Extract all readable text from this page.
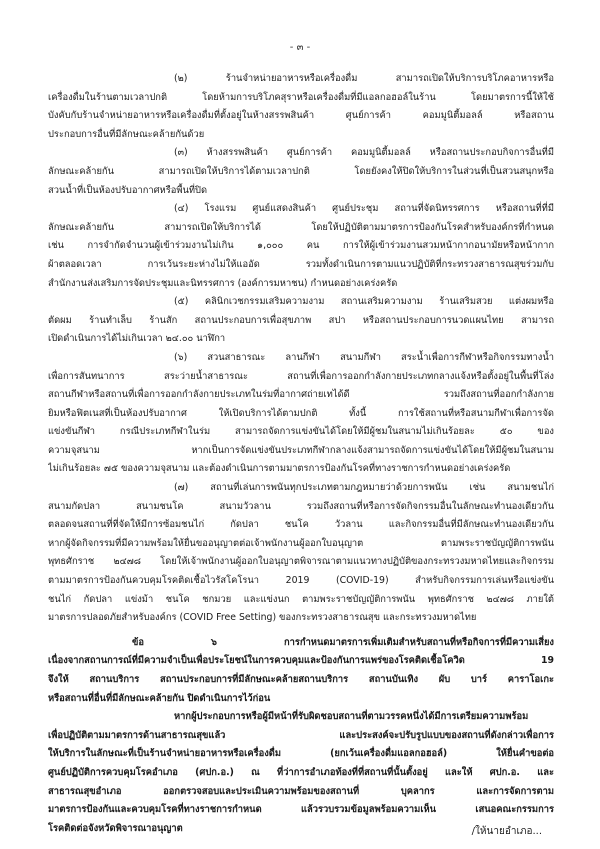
- ๓ -
(๒) ร้านจำหน่ายอาหารหรือเครื่องดื่ม สามารถเปิดให้บริการบริโภคอาหารหรือ
เครื่องดื่มในร้านตามเวลาปกติ โดยห้ามการบริโภคสุราหรือเครื่องดื่มที่มีแอลกอฮอล์ในร้าน โดยมาตรการนี้ให้ใช้
บังคับกับร้านจำหน่ายอาหารหรือเครื่องดื่มที่ตั้งอยู่ในห้างสรรพสินค้า ศูนย์การค้า คอมมูนิตี้มอลล์ หรือสถาน
ประกอบการอื่นที่มีลักษณะคล้ายกันด้วย
(๓) ห้างสรรพสินค้า ศูนย์การค้า คอมมูนิตี้มอลล์ หรือสถานประกอบกิจการอื่นที่มี
ลักษณะคล้ายกัน สามารถเปิดให้บริการได้ตามเวลาปกติ โดยยังคงให้ปิดให้บริการในส่วนที่เป็นสวนสนุกหรือ
สวนน้ำที่เป็นห้องปรับอากาศหรือพื้นที่ปิด
(๔) โรงแรม ศูนย์แสดงสินค้า ศูนย์ประชุม สถานที่จัดนิทรรศการ หรือสถานที่ที่มี
ลักษณะคล้ายกัน สามารถเปิดให้บริการได้ โดยให้ปฏิบัติตามมาตรการป้องกันโรคสำหรับองค์กรที่กำหนด
เช่น การจำกัดจำนวนผู้เข้าร่วมงานไม่เกิน ๑,๐๐๐ คน การให้ผู้เข้าร่วมงานสวมหน้ากากอนามัยหรือหน้ากาก
ผ้าตลอดเวลา การเว้นระยะห่างไม่ให้แออัด รวมทั้งดำเนินการตามแนวปฏิบัติที่กระทรวงสาธารณสุขร่วมกับ
สำนักงานส่งเสริมการจัดประชุมและนิทรรศการ (องค์การมหาชน) กำหนดอย่างเคร่งครัด
(๕) คลินิกเวชกรรมเสริมความงาม สถานเสริมความงาม ร้านเสริมสวย แต่งผมหรือ
ตัดผม ร้านทำเล็บ ร้านสัก สถานประกอบการเพื่อสุขภาพ สปา หรือสถานประกอบการนวดแผนไทย สามารถ
เปิดดำเนินการได้ไม่เกินเวลา ๒๔.๐๐ นาฬิกา
(๖) สวนสาธารณะ ลานกีฬา สนามกีฬา สระน้ำเพื่อการกีฬาหรือกิจกรรมทางน้ำ
เพื่อการสันทนาการ สระว่ายน้ำสาธารณะ สถานที่เพื่อการออกกำลังกายประเภทกลางแจ้งหรือตั้งอยู่ในพื้นที่โล่ง
สถานกีฬาหรือสถานที่เพื่อการออกกำลังกายประเภทในร่มที่อากาศถ่ายเทได้ดี รวมถึงสถานที่ออกกำลังกาย
ยิมหรือฟิตเนสที่เป็นห้องปรับอากาศ ให้เปิดบริการได้ตามปกติ ทั้งนี้ การใช้สถานที่หรือสนามกีฬาเพื่อการจัด
แข่งขันกีฬา กรณีประเภทกีฬาในร่ม สามารถจัดการแข่งขันได้โดยให้มีผู้ชมในสนามไม่เกินร้อยละ ๕๐ ของ
ความจุสนาม หากเป็นการจัดแข่งขันประเภทกีฬากลางแจ้งสามารถจัดการแข่งขันได้โดยให้มีผู้ชมในสนาม
ไม่เกินร้อยละ ๗๕ ของความจุสนาม และต้องดำเนินการตามมาตรการป้องกันโรคที่ทางราชการกำหนดอย่างเคร่งครัด
(๗) สถานที่เล่นการพนันทุกประเภทตามกฎหมายว่าด้วยการพนัน เช่น สนามชนไก่
สนามกัดปลา สนามชนโค สนามวัวลาน รวมถึงสถานที่หรือการจัดกิจกรรมอื่นในลักษณะทำนองเดียวกัน
ตลอดจนสถานที่ที่จัดให้มีการซ้อมชนไก่ กัดปลา ชนโค วัวลาน และกิจกรรมอื่นที่มีลักษณะทำนองเดียวกัน
หากผู้จัดกิจกรรมที่มีความพร้อมให้ยื่นขออนุญาตต่อเจ้าพนักงานผู้ออกใบอนุญาต ตามพระราชบัญญัติการพนัน
พุทธศักราช ๒๔๗๘ โดยให้เจ้าพนักงานผู้ออกใบอนุญาตพิจารณาตามแนวทางปฏิบัติของกระทรวงมหาดไทยและกิจกรรม
ตามมาตรการป้องกันควบคุมโรคติดเชื้อไวรัสโคโรนา 2019 (COVID-19) สำหรับกิจกรรมการเล่นหรือแข่งขัน
ชนไก่ กัดปลา แข่งม้า ชนโค ชกมวย และแข่งนก ตามพระราชบัญญัติการพนัน พุทธศักราช ๒๔๗๘ ภายใต้
มาตรการปลอดภัยสำหรับองค์กร (COVID Free Setting) ของกระทรวงสาธารณสุข และกระทรวงมหาดไทย
ข้อ ๖ การกำหนดมาตรการเพิ่มเติมสำหรับสถานที่หรือกิจการที่มีความเสี่ยง
เนื่องจากสถานการณ์ที่มีความจำเป็นเพื่อประโยชน์ในการควบคุมและป้องกันการแพร่ของโรคติดเชื้อโควิด 19
จึงให้ สถานบริการ สถานประกอบการที่มีลักษณะคล้ายสถานบริการ สถานบันเทิง ผับ บาร์ คาราโอเกะ
หรือสถานที่อื่นที่มีลักษณะคล้ายกัน ปิดดำเนินการไว้ก่อน
หากผู้ประกอบการหรือผู้มีหน้าที่รับผิดชอบสถานที่ตามวรรคหนึ่งได้มีการเตรียมความพร้อม
เพื่อปฏิบัติตามมาตรการด้านสาธารณสุขแล้ว และประสงค์จะปรับรูปแบบของสถานที่ดังกล่าวเพื่อการ
ให้บริการในลักษณะที่เป็นร้านจำหน่ายอาหารหรือเครื่องดื่ม (ยกเว้นเครื่องดื่มแอลกอฮอล์) ให้ยื่นคำขอต่อ
ศูนย์ปฏิบัติการควบคุมโรคอำเภอ (ศปก.อ.) ณ ที่ว่าการอำเภอท้องที่ที่สถานที่นั้นตั้งอยู่ และให้ ศปก.อ. และ
สาธารณสุขอำเภอ ออกตรวจสอบและประเมินความพร้อมของสถานที่ บุคลากร และการจัดการตาม
มาตรการป้องกันและควบคุมโรคที่ทางราชการกำหนด แล้วรวบรวมข้อมูลพร้อมความเห็น เสนอคณะกรรมการ
โรคติดต่อจังหวัดพิจารณาอนุญาต	/ให้นายอำเภอ...
